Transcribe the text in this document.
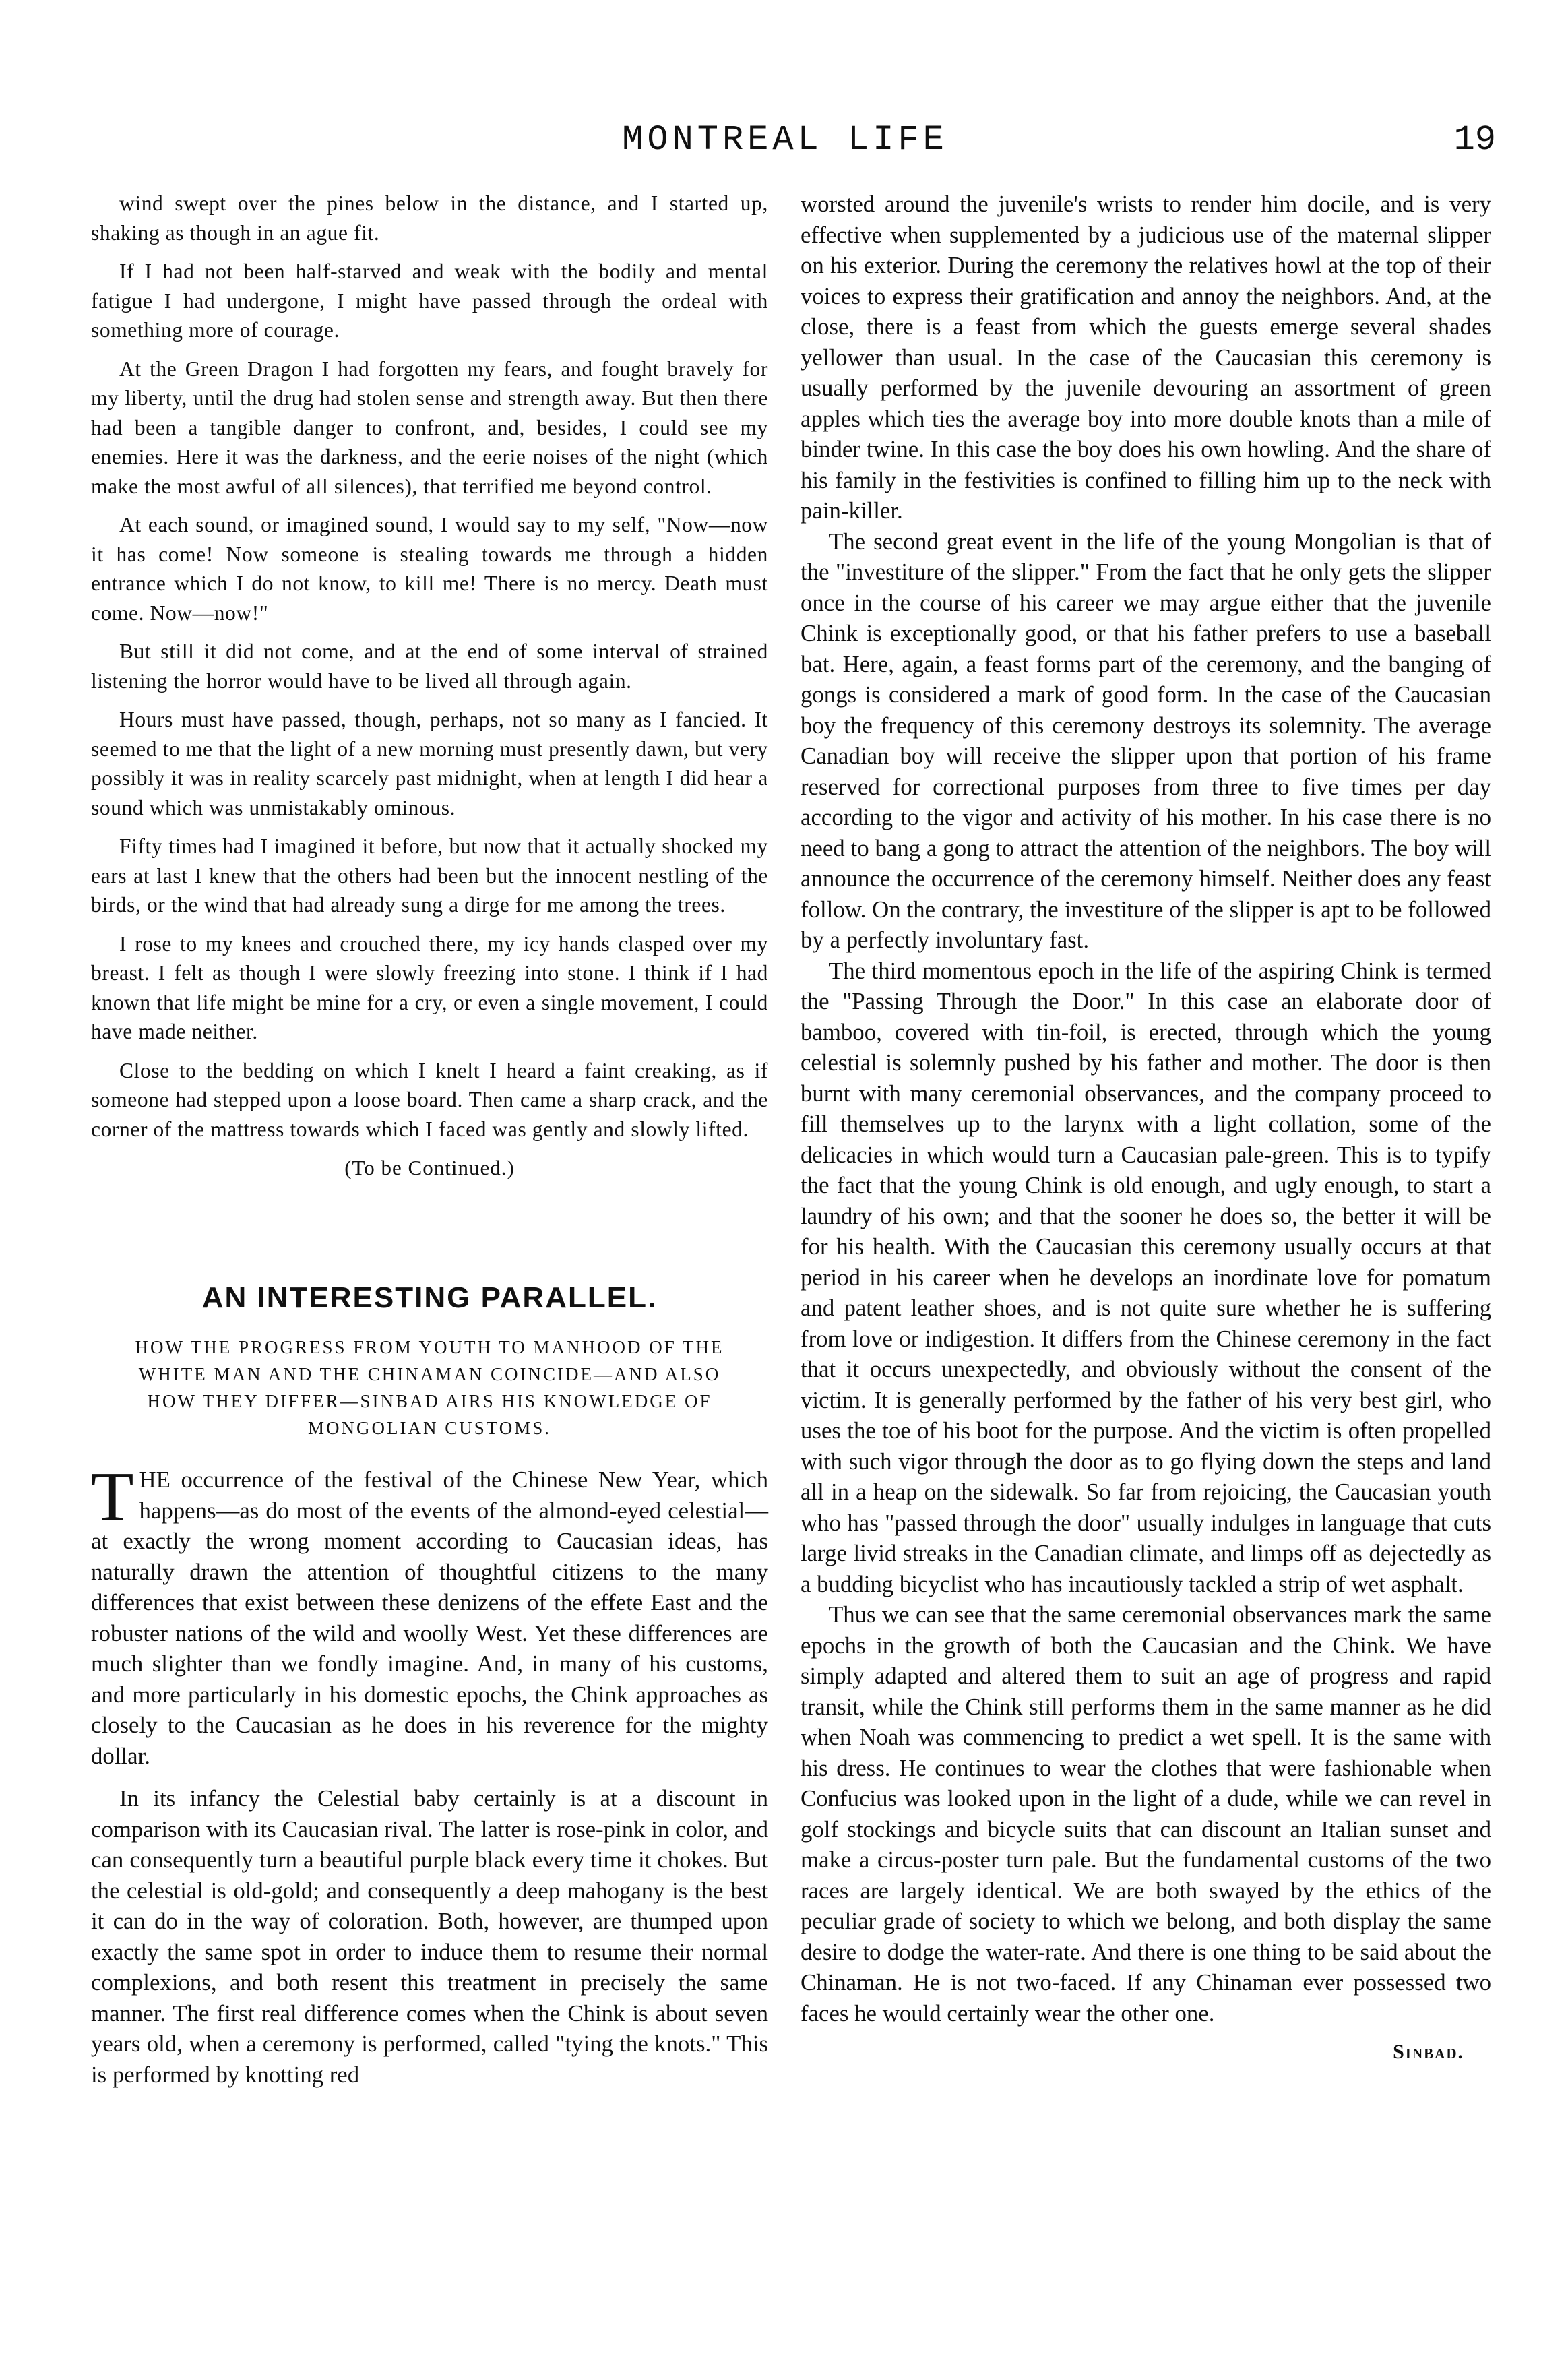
MONTREAL LIFE	19

wind swept over the pines below in the distance, and I started up, shaking as though in an ague fit.

If I had not been half-starved and weak with the bodily and mental fatigue I had undergone, I might have passed through the ordeal with something more of courage.

At the Green Dragon I had forgotten my fears, and fought bravely for my liberty, until the drug had stolen sense and strength away. But then there had been a tangible danger to confront, and, besides, I could see my enemies. Here it was the darkness, and the eerie noises of the night (which make the most awful of all silences), that terrified me beyond control.

At each sound, or imagined sound, I would say to my self, "Now—now it has come! Now someone is stealing towards me through a hidden entrance which I do not know, to kill me! There is no mercy. Death must come. Now—now!"

But still it did not come, and at the end of some interval of strained listening the horror would have to be lived all through again.

Hours must have passed, though, perhaps, not so many as I fancied. It seemed to me that the light of a new morning must presently dawn, but very possibly it was in reality scarcely past midnight, when at length I did hear a sound which was unmistakably ominous.

Fifty times had I imagined it before, but now that it actually shocked my ears at last I knew that the others had been but the innocent nestling of the birds, or the wind that had already sung a dirge for me among the trees.

I rose to my knees and crouched there, my icy hands clasped over my breast. I felt as though I were slowly freezing into stone. I think if I had known that life might be mine for a cry, or even a single movement, I could have made neither.

Close to the bedding on which I knelt I heard a faint creaking, as if someone had stepped upon a loose board. Then came a sharp crack, and the corner of the mattress towards which I faced was gently and slowly lifted.

(To be Continued.)
AN INTERESTING PARALLEL.
HOW THE PROGRESS FROM YOUTH TO MANHOOD OF THE WHITE MAN AND THE CHINAMAN COINCIDE—AND ALSO HOW THEY DIFFER—SINBAD AIRS HIS KNOWLEDGE OF MONGOLIAN CUSTOMS.

THE occurrence of the festival of the Chinese New Year, which happens—as do most of the events of the almond-eyed celestial—at exactly the wrong moment according to Caucasian ideas, has naturally drawn the attention of thoughtful citizens to the many differences that exist between these denizens of the effete East and the robuster nations of the wild and woolly West. Yet these differences are much slighter than we fondly imagine. And, in many of his customs, and more particularly in his domestic epochs, the Chink approaches as closely to the Caucasian as he does in his reverence for the mighty dollar.

In its infancy the Celestial baby certainly is at a discount in comparison with its Caucasian rival. The latter is rose-pink in color, and can consequently turn a beautiful purple black every time it chokes. But the celestial is old-gold; and consequently a deep mahogany is the best it can do in the way of coloration. Both, however, are thumped upon exactly the same spot in order to induce them to resume their normal complexions, and both resent this treatment in precisely the same manner. The first real difference comes when the Chink is about seven years old, when a ceremony is performed, called "tying the knots." This is performed by knotting red

worsted around the juvenile's wrists to render him docile, and is very effective when supplemented by a judicious use of the maternal slipper on his exterior. During the ceremony the relatives howl at the top of their voices to express their gratification and annoy the neighbors. And, at the close, there is a feast from which the guests emerge several shades yellower than usual. In the case of the Caucasian this ceremony is usually performed by the juvenile devouring an assortment of green apples which ties the average boy into more double knots than a mile of binder twine. In this case the boy does his own howling. And the share of his family in the festivities is confined to filling him up to the neck with pain-killer.

The second great event in the life of the young Mongolian is that of the "investiture of the slipper." From the fact that he only gets the slipper once in the course of his career we may argue either that the juvenile Chink is exceptionally good, or that his father prefers to use a baseball bat. Here, again, a feast forms part of the ceremony, and the banging of gongs is considered a mark of good form. In the case of the Caucasian boy the frequency of this ceremony destroys its solemnity. The average Canadian boy will receive the slipper upon that portion of his frame reserved for correctional purposes from three to five times per day according to the vigor and activity of his mother. In his case there is no need to bang a gong to attract the attention of the neighbors. The boy will announce the occurrence of the ceremony himself. Neither does any feast follow. On the contrary, the investiture of the slipper is apt to be followed by a perfectly involuntary fast.

The third momentous epoch in the life of the aspiring Chink is termed the "Passing Through the Door." In this case an elaborate door of bamboo, covered with tin-foil, is erected, through which the young celestial is solemnly pushed by his father and mother. The door is then burnt with many ceremonial observances, and the company proceed to fill themselves up to the larynx with a light collation, some of the delicacies in which would turn a Caucasian pale-green. This is to typify the fact that the young Chink is old enough, and ugly enough, to start a laundry of his own; and that the sooner he does so, the better it will be for his health. With the Caucasian this ceremony usually occurs at that period in his career when he develops an inordinate love for pomatum and patent leather shoes, and is not quite sure whether he is suffering from love or indigestion. It differs from the Chinese ceremony in the fact that it occurs unexpectedly, and obviously without the consent of the victim. It is generally performed by the father of his very best girl, who uses the toe of his boot for the purpose. And the victim is often propelled with such vigor through the door as to go flying down the steps and land all in a heap on the sidewalk. So far from rejoicing, the Caucasian youth who has "passed through the door" usually indulges in language that cuts large livid streaks in the Canadian climate, and limps off as dejectedly as a budding bicyclist who has incautiously tackled a strip of wet asphalt.

Thus we can see that the same ceremonial observances mark the same epochs in the growth of both the Caucasian and the Chink. We have simply adapted and altered them to suit an age of progress and rapid transit, while the Chink still performs them in the same manner as he did when Noah was commencing to predict a wet spell. It is the same with his dress. He continues to wear the clothes that were fashionable when Confucius was looked upon in the light of a dude, while we can revel in golf stockings and bicycle suits that can discount an Italian sunset and make a circus-poster turn pale. But the fundamental customs of the two races are largely identical. We are both swayed by the ethics of the peculiar grade of society to which we belong, and both display the same desire to dodge the water-rate. And there is one thing to be said about the Chinaman. He is not two-faced. If any Chinaman ever possessed two faces he would certainly wear the other one.

Sinbad.
